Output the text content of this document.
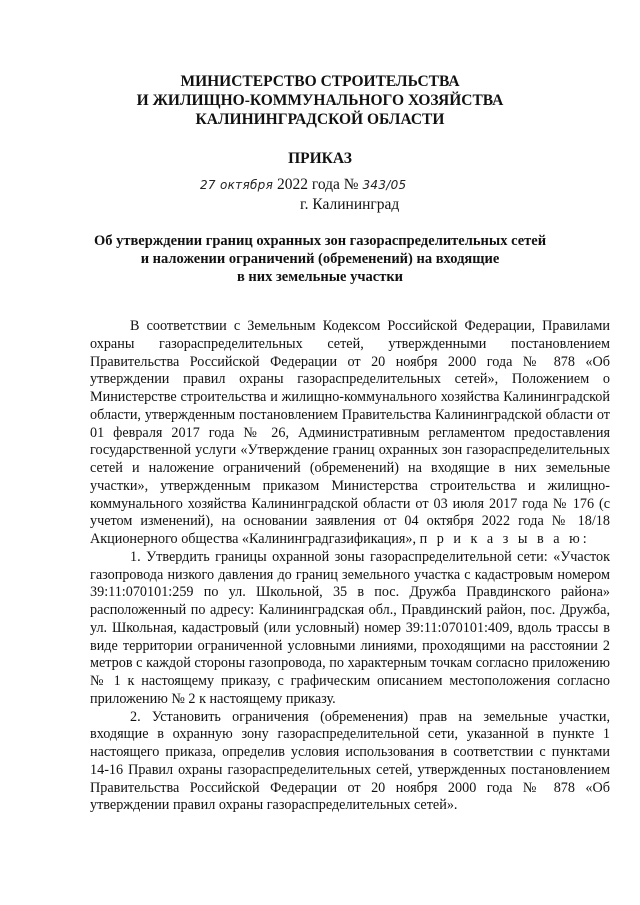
МИНИСТЕРСТВО СТРОИТЕЛЬСТВА
И ЖИЛИЩНО-КОММУНАЛЬНОГО ХОЗЯЙСТВА
КАЛИНИНГРАДСКОЙ ОБЛАСТИ
ПРИКАЗ
27 октября 2022 года № 343/05
г. Калининград
Об утверждении границ охранных зон газораспределительных сетей
и наложении ограничений (обременений) на входящие
в них земельные участки

В соответствии с Земельным Кодексом Российской Федерации, Правилами охраны газораспределительных сетей, утвержденными постановлением Правительства Российской Федерации от 20 ноября 2000 года № 878 «Об утверждении правил охраны газораспределительных сетей», Положением о Министерстве строительства и жилищно-коммунального хозяйства Калининградской области, утвержденным постановлением Правительства Калининградской области от 01 февраля 2017 года № 26, Административным регламентом предоставления государственной услуги «Утверждение границ охранных зон газораспределительных сетей и наложение ограничений (обременений) на входящие в них земельные участки», утвержденным приказом Министерства строительства и жилищно-коммунального хозяйства Калининградской области от 03 июля 2017 года № 176 (с учетом изменений), на основании заявления от 04 октября 2022 года № 18/18 Акционерного общества «Калининградгазификация», п р и к а з ы в а ю:

1. Утвердить границы охранной зоны газораспределительной сети: «Участок газопровода низкого давления до границ земельного участка с кадастровым номером 39:11:070101:259 по ул. Школьной, 35 в пос. Дружба Правдинского района» расположенный по адресу: Калининградская обл., Правдинский район, пос. Дружба, ул. Школьная, кадастровый (или условный) номер 39:11:070101:409, вдоль трассы в виде территории ограниченной условными линиями, проходящими на расстоянии 2 метров с каждой стороны газопровода, по характерным точкам согласно приложению № 1 к настоящему приказу, с графическим описанием местоположения согласно приложению № 2 к настоящему приказу.

2. Установить ограничения (обременения) прав на земельные участки, входящие в охранную зону газораспределительной сети, указанной в пункте 1 настоящего приказа, определив условия использования в соответствии с пунктами 14-16 Правил охраны газораспределительных сетей, утвержденных постановлением Правительства Российской Федерации от 20 ноября 2000 года № 878 «Об утверждении правил охраны газораспределительных сетей».
